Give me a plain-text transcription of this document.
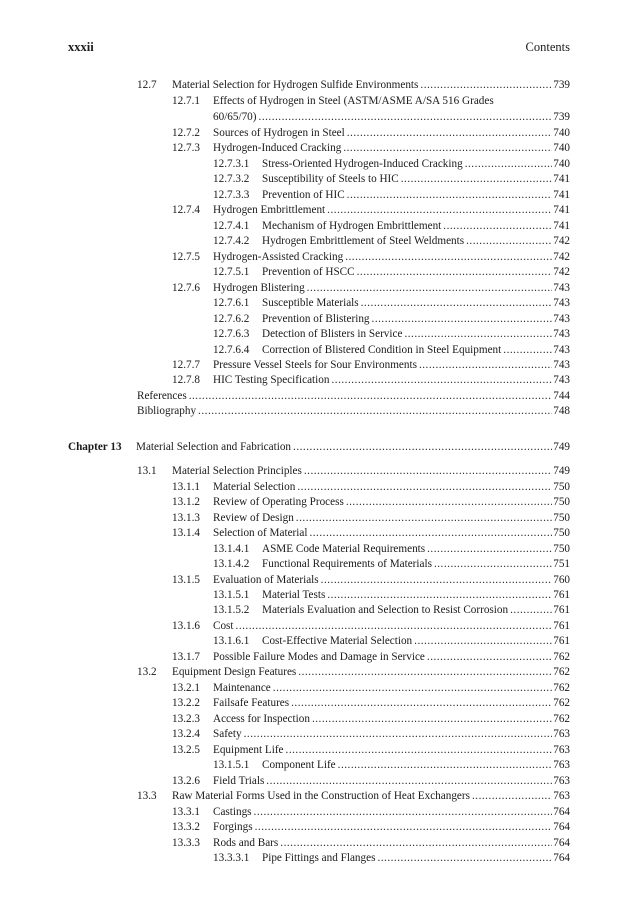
xxxii	Contents
12.7	Material Selection for Hydrogen Sulfide Environments .....	739
12.7.1	Effects of Hydrogen in Steel (ASTM/ASME A/SA 516 Grades
60/65/70) .....	739
12.7.2	Sources of Hydrogen in Steel .....	740
12.7.3	Hydrogen-Induced Cracking .....	740
12.7.3.1	Stress-Oriented Hydrogen-Induced Cracking .....	740
12.7.3.2	Susceptibility of Steels to HIC .....	741
12.7.3.3	Prevention of HIC .....	741
12.7.4	Hydrogen Embrittlement .....	741
12.7.4.1	Mechanism of Hydrogen Embrittlement .....	741
12.7.4.2	Hydrogen Embrittlement of Steel Weldments .....	742
12.7.5	Hydrogen-Assisted Cracking .....	742
12.7.5.1	Prevention of HSCC .....	742
12.7.6	Hydrogen Blistering .....	743
12.7.6.1	Susceptible Materials .....	743
12.7.6.2	Prevention of Blistering .....	743
12.7.6.3	Detection of Blisters in Service .....	743
12.7.6.4	Correction of Blistered Condition in Steel Equipment .....	743
12.7.7	Pressure Vessel Steels for Sour Environments .....	743
12.7.8	HIC Testing Specification .....	743
References .....	744
Bibliography .....	748
Chapter 13	Material Selection and Fabrication .....	749
13.1	Material Selection Principles .....	749
13.1.1	Material Selection .....	750
13.1.2	Review of Operating Process .....	750
13.1.3	Review of Design .....	750
13.1.4	Selection of Material .....	750
13.1.4.1	ASME Code Material Requirements .....	750
13.1.4.2	Functional Requirements of Materials .....	751
13.1.5	Evaluation of Materials .....	760
13.1.5.1	Material Tests .....	761
13.1.5.2	Materials Evaluation and Selection to Resist Corrosion .....	761
13.1.6	Cost .....	761
13.1.6.1	Cost-Effective Material Selection .....	761
13.1.7	Possible Failure Modes and Damage in Service .....	762
13.2	Equipment Design Features .....	762
13.2.1	Maintenance .....	762
13.2.2	Failsafe Features .....	762
13.2.3	Access for Inspection .....	762
13.2.4	Safety .....	763
13.2.5	Equipment Life .....	763
13.1.5.1	Component Life .....	763
13.2.6	Field Trials .....	763
13.3	Raw Material Forms Used in the Construction of Heat Exchangers .....	763
13.3.1	Castings .....	764
13.3.2	Forgings .....	764
13.3.3	Rods and Bars .....	764
13.3.3.1	Pipe Fittings and Flanges .....	764
